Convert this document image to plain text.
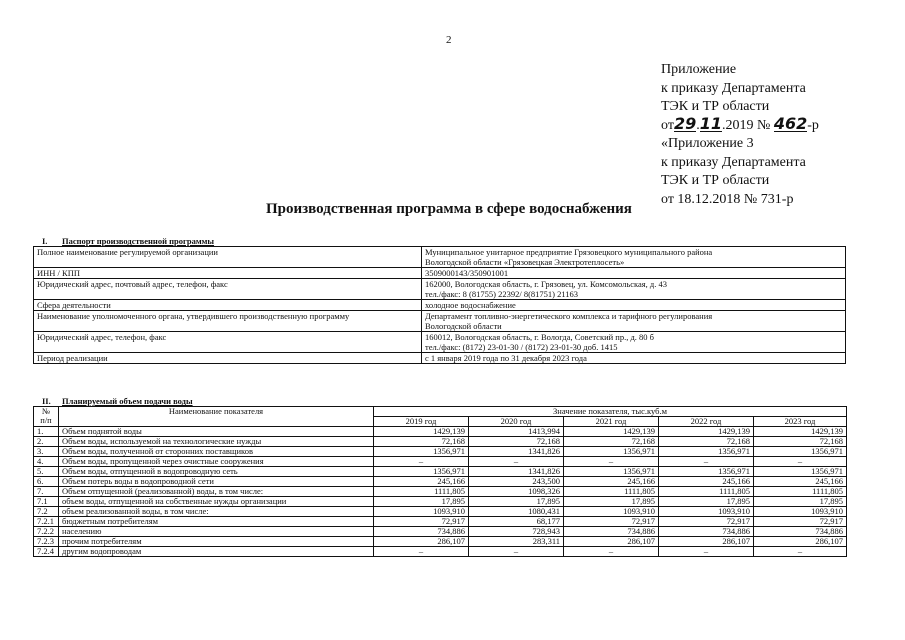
2
Приложение
к приказу Департамента
ТЭК и ТР области
от29.11.2019 № 462-р
«Приложение 3
к приказу Департамента
ТЭК и ТР области
от 18.12.2018 № 731-р
Производственная программа в сфере водоснабжения
I. Паспорт производственной программы
Полное наименование регулируемой организации	Муниципальное унитарное предприятие Грязовецкого муниципального района
Вологодской области «Грязовецкая Электротеплосеть»

ИНН / КПП	3509000143/350901001

Юридический адрес, почтовый адрес, телефон, факс	162000, Вологодская область, г. Грязовец, ул. Комсомольская, д. 43
тел./факс: 8 (81755) 22392/ 8(81751) 21163

Сфера деятельности	холодное водоснабжение

Наименование уполномоченного органа, утвердившего производственную программу	Департамент топливно-энергетического комплекса и тарифного регулирования
Вологодской области

Юридический адрес, телефон, факс	160012, Вологодская область, г. Вологда, Советский пр., д. 80 б
тел./факс: (8172) 23-01-30 / (8172) 23-01-30 доб. 1415

Период реализации	с 1 января 2019 года по 31 декабря 2023 года
II. Планируемый объем подачи воды
№
п/п	Наименование показателя	Значение показателя, тыс.куб.м				
		2019 год	2020 год	2021 год	2022 год	2023 год
1.	Объем поднятой воды	1429,139	1413,994	1429,139	1429,139	1429,139
2.	Объем воды, используемой на технологические нужды	72,168	72,168	72,168	72,168	72,168
3.	Объем воды, полученной от сторонних поставщиков	1356,971	1341,826	1356,971	1356,971	1356,971
4.	Объем воды, пропущенной через очистные сооружения	–	–	–	–	–
5.	Объем воды, отпущенной в водопроводную сеть	1356,971	1341,826	1356,971	1356,971	1356,971
6.	Объем потерь воды в водопроводной сети	245,166	243,500	245,166	245,166	245,166
7.	Объем отпущенной (реализованной) воды, в том числе:	1111,805	1098,326	1111,805	1111,805	1111,805
7.1	объем воды, отпущенной на собственные нужды организации	17,895	17,895	17,895	17,895	17,895
7.2	объем реализованной воды, в том числе:	1093,910	1080,431	1093,910	1093,910	1093,910
7.2.1	бюджетным потребителям	72,917	68,177	72,917	72,917	72,917
7.2.2	населению	734,886	728,943	734,886	734,886	734,886
7.2.3	прочим потребителям	286,107	283,311	286,107	286,107	286,107
7.2.4	другим водопроводам	–	–	–	–	–
